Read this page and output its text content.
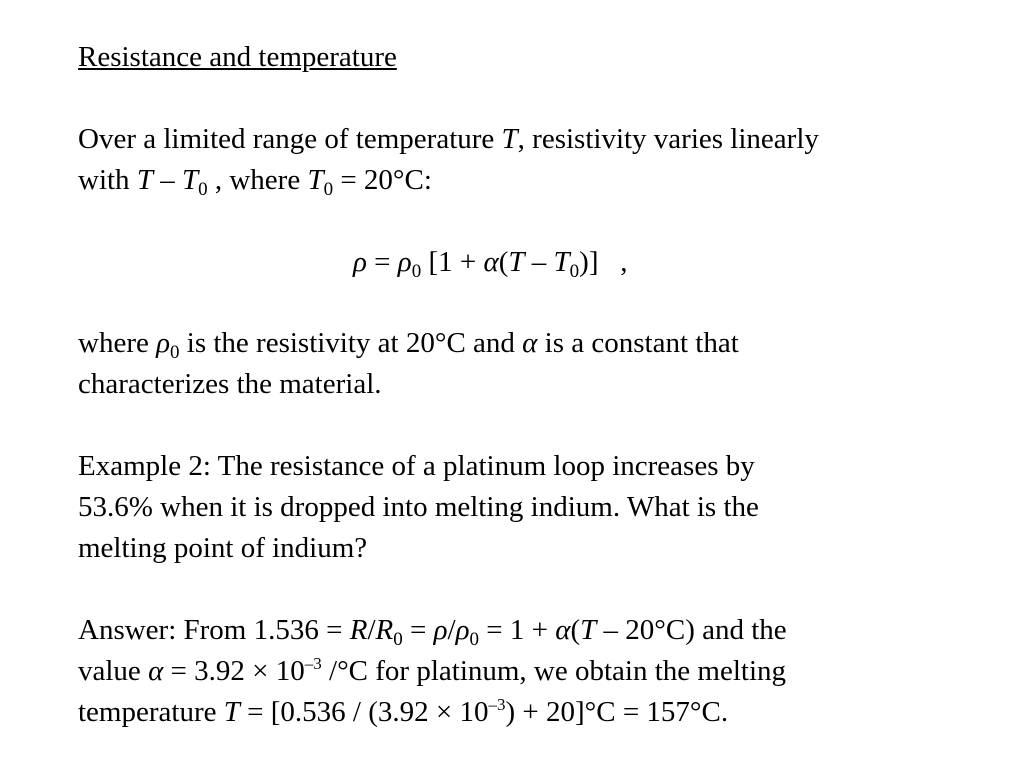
Resistance and temperature
Over a limited range of temperature T, resistivity varies linearly
with T – $T_0$ , where $T_0 = 20^\circ C$:
$\rho = \rho_0$ $[1 + \alpha(T - T_0)]$   ,
where $\rho_0$ is the resistivity at 20°C and α is a constant that
characterizes the material.
Example 2: The resistance of a platinum loop increases by
53.6% when it is dropped into melting indium. What is the
melting point of indium?
Answer: From $1.536 = R/R_0 = \rho/\rho_0 = 1 + \alpha(T - 20^\circ C)$ and the
value $\alpha = 3.92 \times 10^{-3}$ /°C for platinum, we obtain the melting
temperature $T = [0.536 / (3.92 \times 10^{-3}) + 20]^\circ C = 157^\circ C$.
